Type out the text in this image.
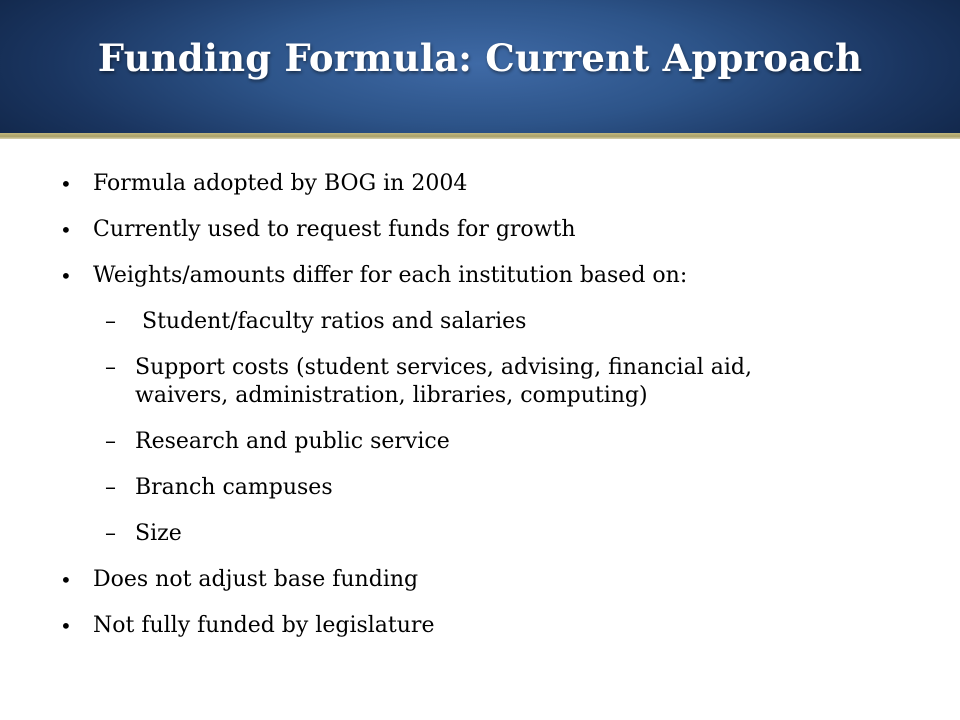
Funding Formula: Current Approach
• Formula adopted by BOG in 2004
• Currently used to request funds for growth
• Weights/amounts differ for each institution based on:
– Student/faculty ratios and salaries
– Support costs (student services, advising, financial aid, waivers, administration, libraries, computing)
– Research and public service
– Branch campuses
– Size
• Does not adjust base funding
• Not fully funded by legislature
